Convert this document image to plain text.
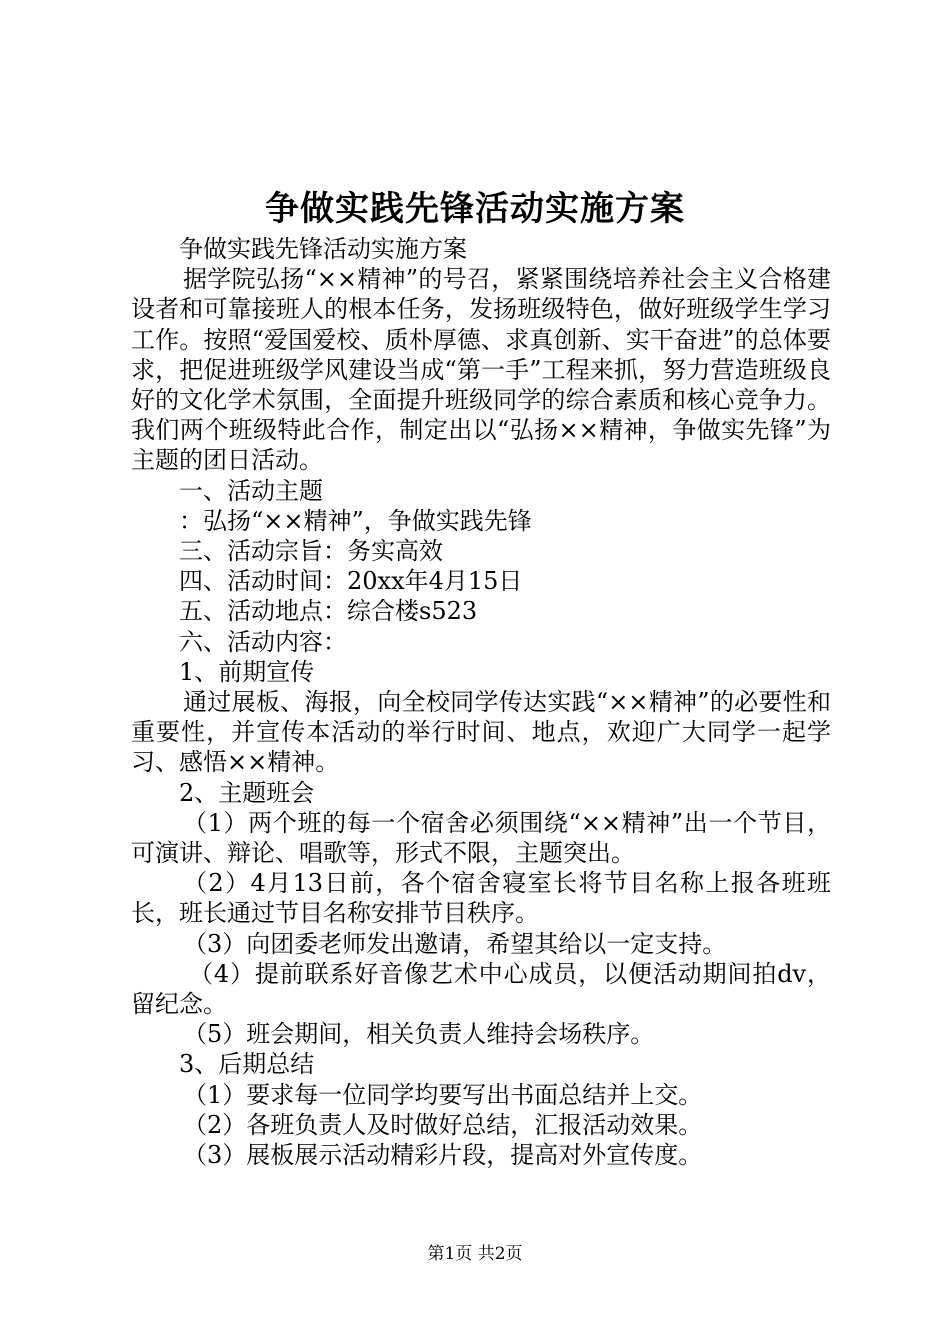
争做实践先锋活动实施方案

争做实践先锋活动实施方案

据学院弘扬“××精神”的号召，紧紧围绕培养社会主义合格建设者和可靠接班人的根本任务，发扬班级特色，做好班级学生学习工作。按照“爱国爱校、质朴厚德、求真创新、实干奋进”的总体要求，把促进班级学风建设当成“第一手”工程来抓，努力营造班级良好的文化学术氛围，全面提升班级同学的综合素质和核心竞争力。我们两个班级特此合作，制定出以“弘扬××精神，争做实先锋”为主题的团日活动。

一、活动主题

：弘扬“××精神”，争做实践先锋

三、活动宗旨：务实高效

四、活动时间：20xx年4月15日

五、活动地点：综合楼s523

六、活动内容：

1、前期宣传

通过展板、海报，向全校同学传达实践“××精神”的必要性和重要性，并宣传本活动的举行时间、地点，欢迎广大同学一起学习、感悟××精神。

2、主题班会

（1）两个班的每一个宿舍必须围绕“××精神”出一个节目，可演讲、辩论、唱歌等，形式不限，主题突出。

（2）4月13日前，各个宿舍寝室长将节目名称上报各班班长，班长通过节目名称安排节目秩序。

（3）向团委老师发出邀请，希望其给以一定支持。

（4）提前联系好音像艺术中心成员，以便活动期间拍dv，留纪念。

（5）班会期间，相关负责人维持会场秩序。

3、后期总结

（1）要求每一位同学均要写出书面总结并上交。

（2）各班负责人及时做好总结，汇报活动效果。

（3）展板展示活动精彩片段，提高对外宣传度。

第1页 共2页
